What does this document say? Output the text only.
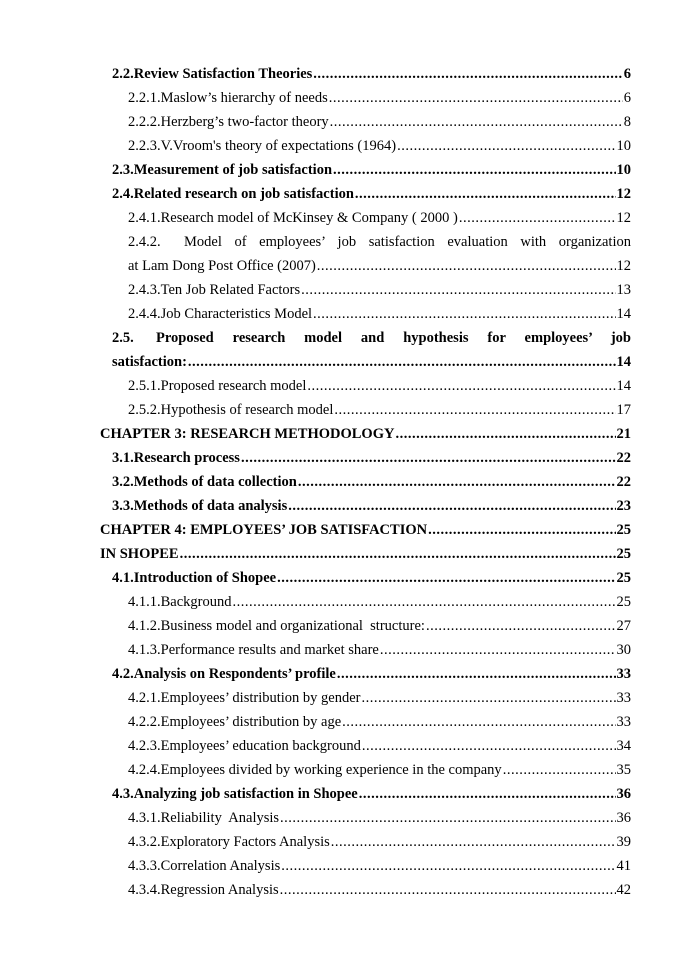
2.2. Review Satisfaction Theories .....	6
2.2.1. Maslow’s hierarchy of needs .....	6
2.2.2. Herzberg’s two-factor theory .....	8
2.2.3. V.Vroom's theory of expectations (1964) .....	10
2.3. Measurement of job satisfaction .....	10
2.4. Related research on job satisfaction .....	12
2.4.1. Research model of McKinsey & Company ( 2000 ) .....	12
2.4.2.	Model of employees’ job satisfaction evaluation with organization
at Lam Dong Post Office (2007) .....	12
2.4.3. Ten Job Related Factors .....	13
2.4.4. Job Characteristics Model .....	14
2.5.	Proposed research model and hypothesis for employees’ job
satisfaction: .....	14
2.5.1. Proposed research model .....	14
2.5.2. Hypothesis of research model .....	17
CHAPTER 3: RESEARCH METHODOLOGY .....	21
3.1. Research process .....	22
3.2. Methods of data collection .....	22
3.3. Methods of data analysis .....	23
CHAPTER 4: EMPLOYEES’ JOB SATISFACTION .....	25
IN SHOPEE .....	25
4.1. Introduction of Shopee .....	25
4.1.1. Background .....	25
4.1.2. Business model and organizational  structure: .....	27
4.1.3. Performance results and market share .....	30
4.2. Analysis on Respondents’ profile .....	33
4.2.1. Employees’ distribution by gender .....	33
4.2.2. Employees’ distribution by age .....	33
4.2.3. Employees’ education background .....	34
4.2.4. Employees divided by working experience in the company .....	35
4.3. Analyzing job satisfaction in Shopee .....	36
4.3.1. Reliability  Analysis .....	36
4.3.2. Exploratory Factors Analysis .....	39
4.3.3. Correlation Analysis .....	41
4.3.4. Regression Analysis .....	42
